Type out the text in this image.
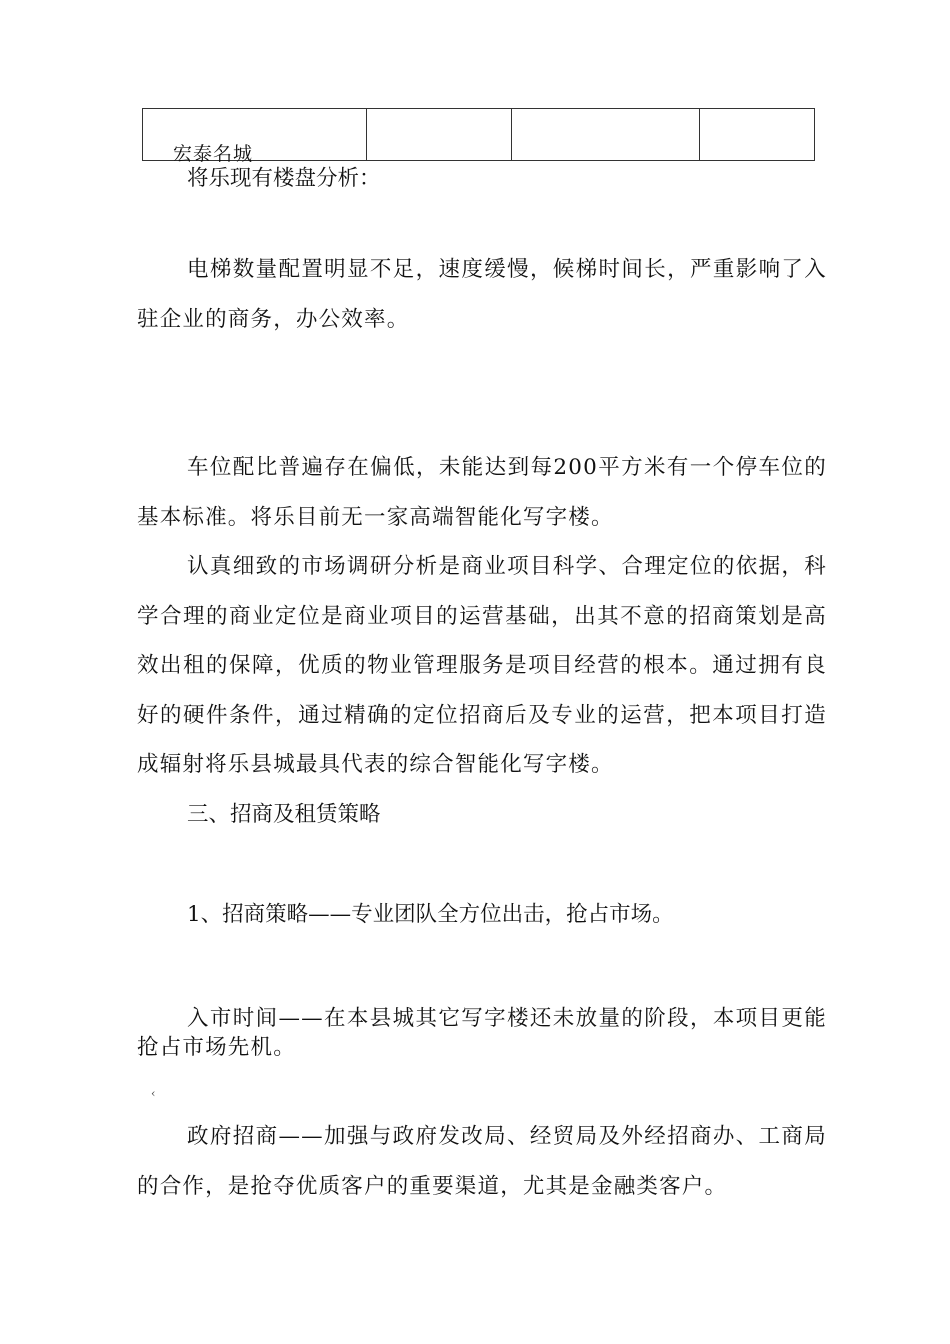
宏泰名城

将乐现有楼盘分析：
电梯数量配置明显不足，速度缓慢，候梯时间长，严重影响了入驻企业的商务，办公效率。
车位配比普遍存在偏低，未能达到每200平方米有一个停车位的基本标准。将乐目前无一家高端智能化写字楼。
认真细致的市场调研分析是商业项目科学、合理定位的依据，科学合理的商业定位是商业项目的运营基础，出其不意的招商策划是高效出租的保障，优质的物业管理服务是项目经营的根本。通过拥有良好的硬件条件，通过精确的定位招商后及专业的运营，把本项目打造成辐射将乐县城最具代表的综合智能化写字楼。
三、招商及租赁策略
1、招商策略——专业团队全方位出击，抢占市场。
入市时间——在本县城其它写字楼还未放量的阶段，本项目更能抢占市场先机。
‹
政府招商——加强与政府发改局、经贸局及外经招商办、工商局的合作，是抢夺优质客户的重要渠道，尤其是金融类客户。
